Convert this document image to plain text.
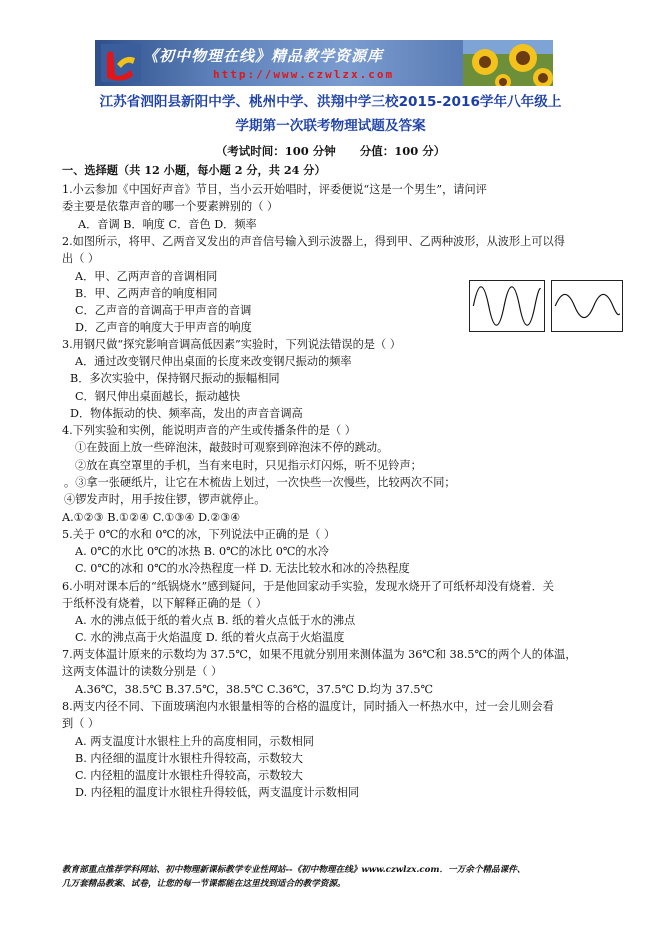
《初中物理在线》精品教学资源库
http://www.czwlzx.com
江苏省泗阳县新阳中学、桃州中学、洪翔中学三校2015-2016学年八年级上
学期第一次联考物理试题及答案
（考试时间：100 分钟      分值：100 分）
一、选择题（共 12 小题，每小题 2 分，共 24 分）
1.小云参加《中国好声音》节目，当小云开始唱时，评委便说“这是一个男生”，请问评
委主要是依靠声音的哪一个要素辨别的（ ）
A．音调 B．响度 C．音色 D．频率
2.如图所示，将甲、乙两音叉发出的声音信号输入到示波器上，得到甲、乙两种波形，从波形上可以得
出（ ）
A．甲、乙两声音的音调相同
B．甲、乙两声音的响度相同
C．乙声音的音调高于甲声音的音调
D．乙声音的响度大于甲声音的响度
3.用钢尺做“探究影响音调高低因素”实验时，下列说法错误的是（ ）
A．通过改变钢尺伸出桌面的长度来改变钢尺振动的频率
B．多次实验中，保持钢尺振动的振幅相同
C．钢尺伸出桌面越长，振动越快
D．物体振动的快、频率高，发出的声音音调高
4.下列实验和实例，能说明声音的产生或传播条件的是（ ）
①在鼓面上放一些碎泡沫，敲鼓时可观察到碎泡沫不停的跳动。
②放在真空罩里的手机，当有来电时，只见指示灯闪烁，听不见铃声；
。③拿一张硬纸片，让它在木梳齿上划过，一次快些一次慢些，比较两次不同；
④锣发声时，用手按住锣，锣声就停止。
A.①②③ B.①②④ C.①③④ D.②③④
5.关于 0℃的水和 0℃的冰，下列说法中正确的是（ ）
A. 0℃的水比 0℃的冰热 B. 0℃的冰比 0℃的水冷
C. 0℃的冰和 0℃的水冷热程度一样 D. 无法比较水和冰的冷热程度
6.小明对课本后的“纸锅烧水”感到疑问，于是他回家动手实验，发现水烧开了可纸杯却没有烧着．关
于纸杯没有烧着，以下解释正确的是（ ）
A. 水的沸点低于纸的着火点 B. 纸的着火点低于水的沸点
C. 水的沸点高于火焰温度 D. 纸的着火点高于火焰温度
7.两支体温计原来的示数均为 37.5℃，如果不甩就分别用来测体温为 36℃和 38.5℃的两个人的体温，
这两支体温计的读数分别是（ ）
A.36℃，38.5℃ B.37.5℃，38.5℃ C.36℃，37.5℃ D.均为 37.5℃
8.两支内径不同、下面玻璃泡内水银量相等的合格的温度计，同时插入一杯热水中，过一会儿则会看
到（ ）
A. 两支温度计水银柱上升的高度相同，示数相同
B. 内径细的温度计水银柱升得较高，示数较大
C. 内径粗的温度计水银柱升得较高，示数较大
D. 内径粗的温度计水银柱升得较低，两支温度计示数相同
教育部重点推荐学科网站、初中物理新课标教学专业性网站--《初中物理在线》www.czwlzx.com．一万余个精品课件、
几万套精品教案、试卷，让您的每一节课都能在这里找到适合的教学资源。
